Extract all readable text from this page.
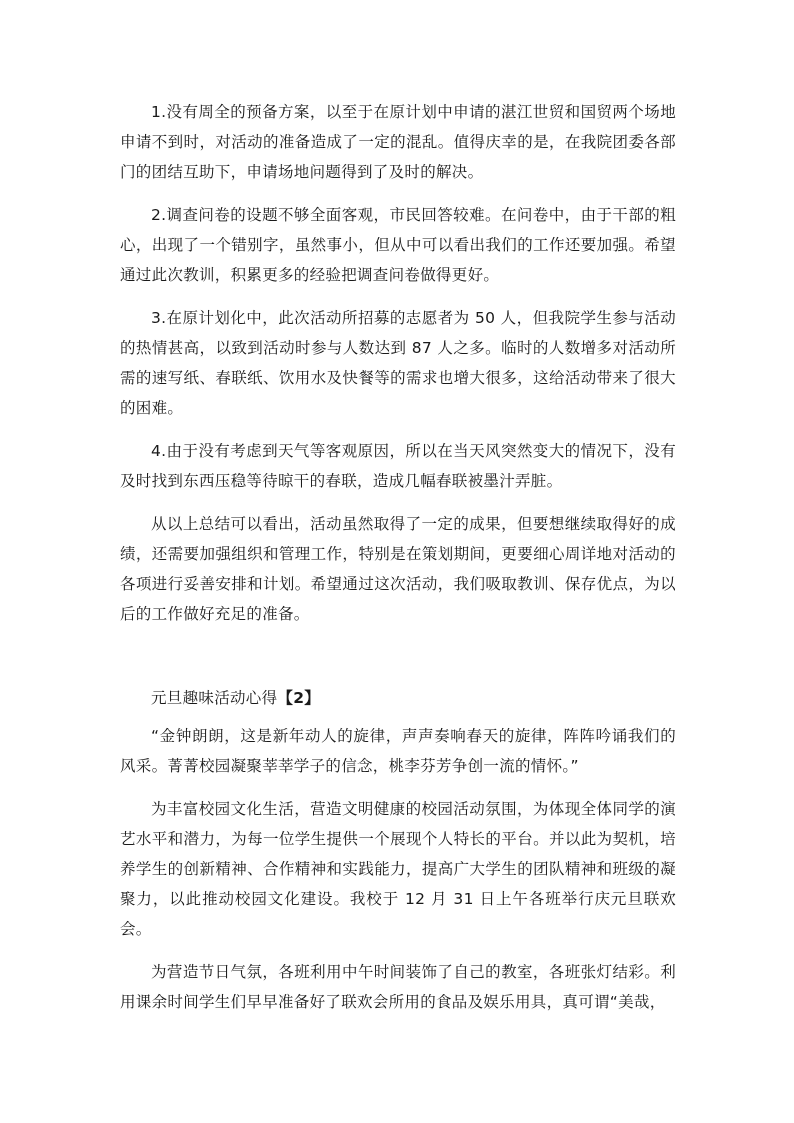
1.没有周全的预备方案，以至于在原计划中申请的湛江世贸和国贸两个场地申请不到时，对活动的准备造成了一定的混乱。值得庆幸的是，在我院团委各部门的团结互助下，申请场地问题得到了及时的解决。

2.调查问卷的设题不够全面客观，市民回答较难。在问卷中，由于干部的粗心，出现了一个错别字，虽然事小，但从中可以看出我们的工作还要加强。希望通过此次教训，积累更多的经验把调查问卷做得更好。

3.在原计划化中，此次活动所招募的志愿者为 50 人，但我院学生参与活动的热情甚高，以致到活动时参与人数达到 87 人之多。临时的人数增多对活动所需的速写纸、春联纸、饮用水及快餐等的需求也增大很多，这给活动带来了很大的困难。

4.由于没有考虑到天气等客观原因，所以在当天风突然变大的情况下，没有及时找到东西压稳等待晾干的春联，造成几幅春联被墨汁弄脏。

从以上总结可以看出，活动虽然取得了一定的成果，但要想继续取得好的成绩，还需要加强组织和管理工作，特别是在策划期间，更要细心周详地对活动的各项进行妥善安排和计划。希望通过这次活动，我们吸取教训、保存优点，为以后的工作做好充足的准备。

元旦趣味活动心得【2】

“金钟朗朗，这是新年动人的旋律，声声奏响春天的旋律，阵阵吟诵我们的风采。菁菁校园凝聚莘莘学子的信念，桃李芬芳争创一流的情怀。”

为丰富校园文化生活，营造文明健康的校园活动氛围，为体现全体同学的演艺水平和潜力，为每一位学生提供一个展现个人特长的平台。并以此为契机，培养学生的创新精神、合作精神和实践能力，提高广大学生的团队精神和班级的凝聚力，以此推动校园文化建设。我校于 12 月 31 日上午各班举行庆元旦联欢会。

为营造节日气氛，各班利用中午时间装饰了自己的教室，各班张灯结彩。利用课余时间学生们早早准备好了联欢会所用的食品及娱乐用具，真可谓“美哉，
